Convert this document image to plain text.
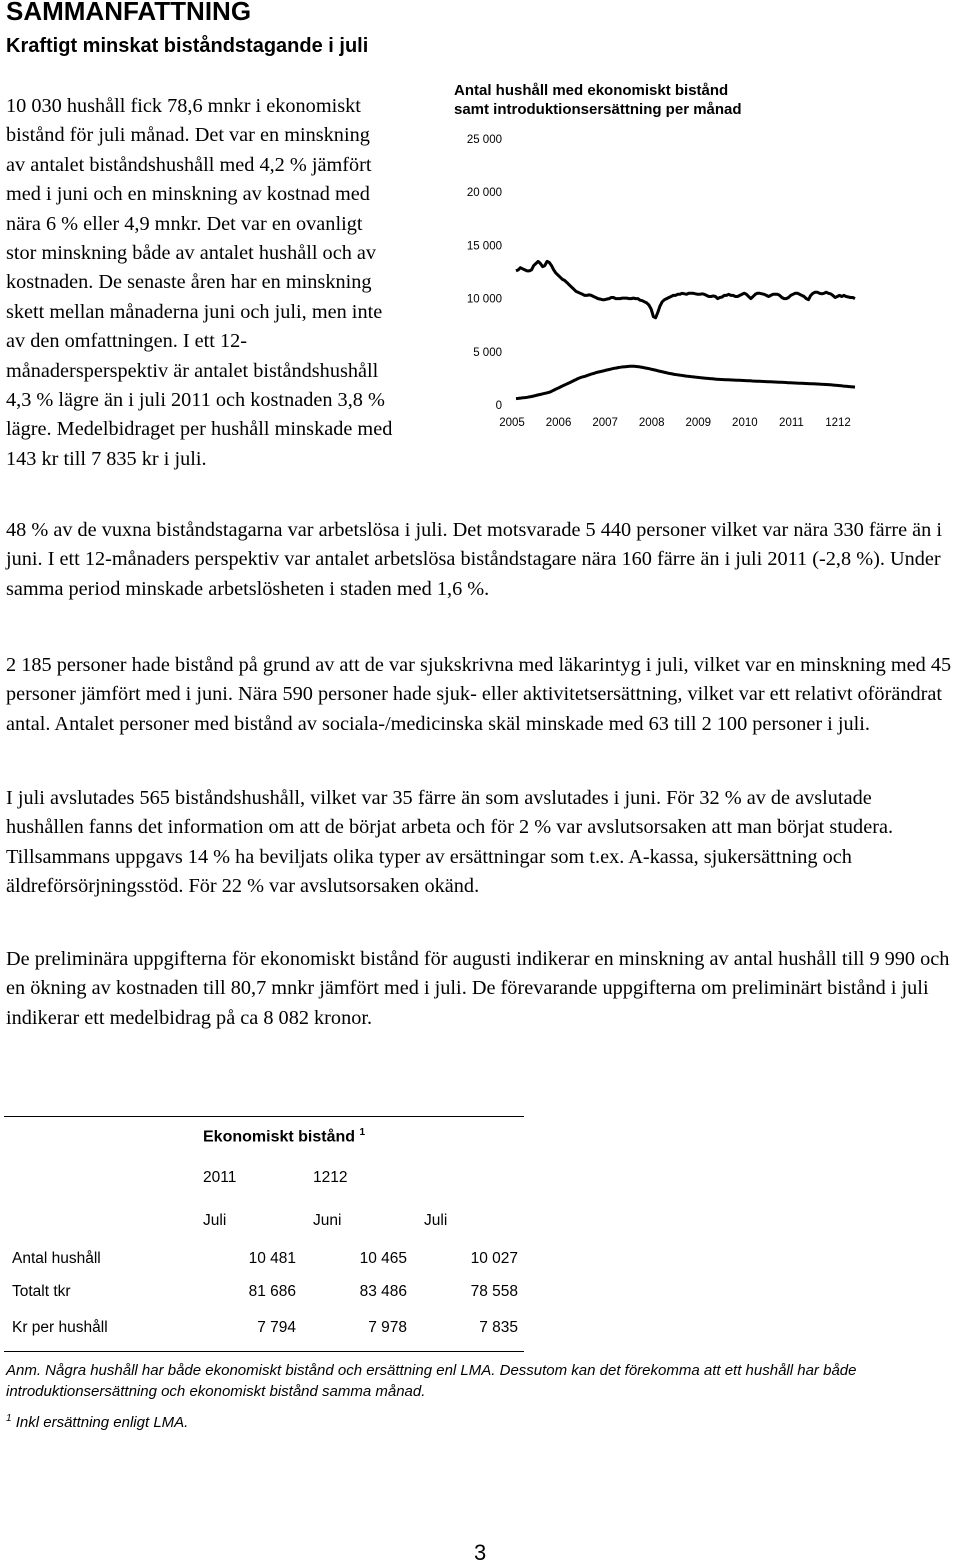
SAMMANFATTNING
Kraftigt minskat biståndstagande i juli
10 030 hushåll fick 78,6 mnkr i ekonomiskt bistånd för juli månad. Det var en minskning av antalet biståndshushåll med 4,2 % jämfört med i juni och en minskning av kostnad med nära 6 % eller 4,9 mnkr. Det var en ovanligt stor minskning både av antalet hushåll och av kostnaden. De senaste åren har en minskning skett mellan månaderna juni och juli, men inte av den omfattningen. I ett 12-månadersperspektiv är antalet biståndshushåll 4,3 % lägre än i juli 2011 och kostnaden 3,8 % lägre. Medelbidraget per hushåll minskade med 143 kr till 7 835 kr i juli.
Antal hushåll med ekonomiskt bistånd
samt introduktionsersättning per månad
25 000
20 000
15 000
10 000
5 000
0
2005 2006 2007 2008 2009 2010 2011 1212

48 % av de vuxna biståndstagarna var arbetslösa i juli. Det motsvarade 5 440 personer vilket var nära 330 färre än i juni. I ett 12-månaders perspektiv var antalet arbetslösa biståndstagare nära 160 färre än i juli 2011 (-2,8 %). Under samma period minskade arbetslösheten i staden med 1,6 %.

2 185 personer hade bistånd på grund av att de var sjukskrivna med läkarintyg i juli, vilket var en minskning med 45 personer jämfört med i juni. Nära 590 personer hade sjuk- eller aktivitetsersättning, vilket var ett relativt oförändrat antal. Antalet personer med bistånd av sociala-/medicinska skäl minskade med 63 till 2 100 personer i juli.

I juli avslutades 565 biståndshushåll, vilket var 35 färre än som avslutades i juni. För 32 % av de avslutade hushållen fanns det information om att de börjat arbeta och för 2 % var avslutsorsaken att man börjat studera. Tillsammans uppgavs 14 % ha beviljats olika typer av ersättningar som t.ex. A-kassa, sjukersättning och äldreförsörjningsstöd. För 22 % var avslutsorsaken okänd.

De preliminära uppgifterna för ekonomiskt bistånd för augusti indikerar en minskning av antal hushåll till 9 990 och en ökning av kostnaden till 80,7 mnkr jämfört med i juli. De förevarande uppgifterna om preliminärt bistånd i juli indikerar ett medelbidrag på ca 8 082 kronor.

Ekonomiskt bistånd $^1$
2011	1212
Juli	Juni	Juli
Antal hushåll	10 481	10 465	10 027
Totalt tkr	81 686	83 486	78 558
Kr per hushåll	7 794	7 978	7 835
Anm. Några hushåll har både ekonomiskt bistånd och ersättning enl LMA. Dessutom kan det förekomma att ett hushåll har både introduktionsersättning och ekonomiskt bistånd samma månad.
$^1$ Inkl ersättning enligt LMA.
3
